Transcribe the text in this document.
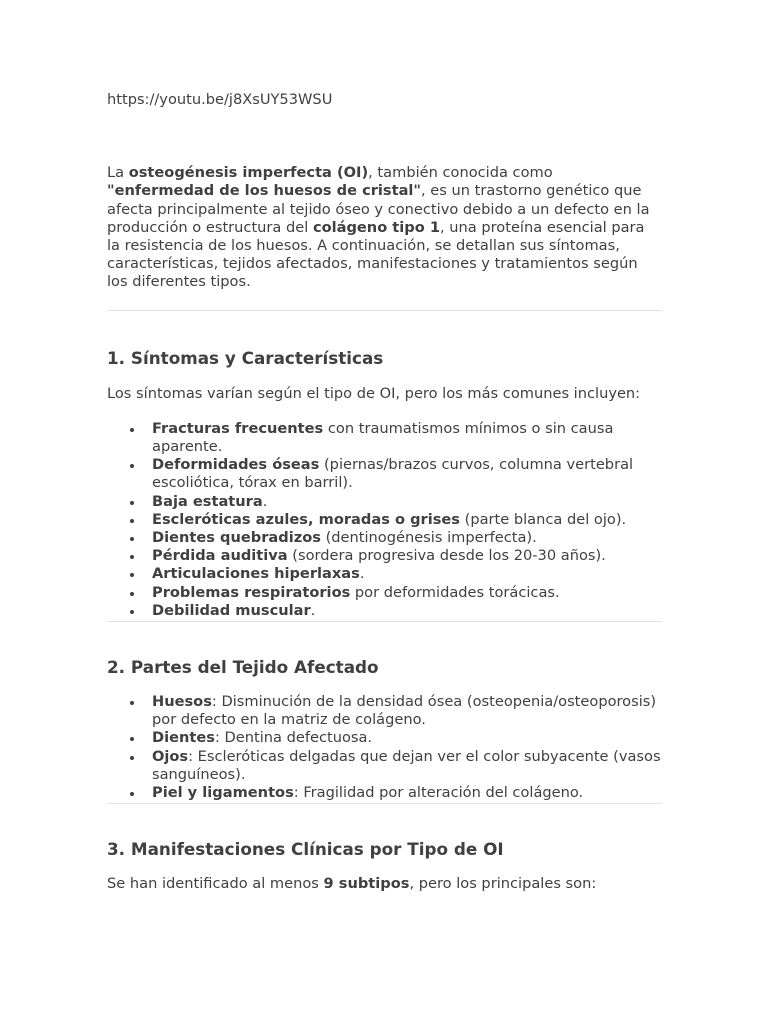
https://youtu.be/j8XsUY53WSU

La osteogénesis imperfecta (OI), también conocida como "enfermedad de los huesos de cristal", es un trastorno genético que afecta principalmente al tejido óseo y conectivo debido a un defecto en la producción o estructura del colágeno tipo 1, una proteína esencial para la resistencia de los huesos. A continuación, se detallan sus síntomas, características, tejidos afectados, manifestaciones y tratamientos según los diferentes tipos.

1. Síntomas y Características

Los síntomas varían según el tipo de OI, pero los más comunes incluyen:

Fracturas frecuentes con traumatismos mínimos o sin causa aparente.
Deformidades óseas (piernas/brazos curvos, columna vertebral escoliótica, tórax en barril).
Baja estatura.
Escleróticas azules, moradas o grises (parte blanca del ojo).
Dientes quebradizos (dentinogénesis imperfecta).
Pérdida auditiva (sordera progresiva desde los 20-30 años).
Articulaciones hiperlaxas.
Problemas respiratorios por deformidades torácicas.
Debilidad muscular.
2. Partes del Tejido Afectado
Huesos: Disminución de la densidad ósea (osteopenia/osteoporosis) por defecto en la matriz de colágeno.
Dientes: Dentina defectuosa.
Ojos: Escleróticas delgadas que dejan ver el color subyacente (vasos sanguíneos).
Piel y ligamentos: Fragilidad por alteración del colágeno.
3. Manifestaciones Clínicas por Tipo de OI

Se han identificado al menos 9 subtipos, pero los principales son:
